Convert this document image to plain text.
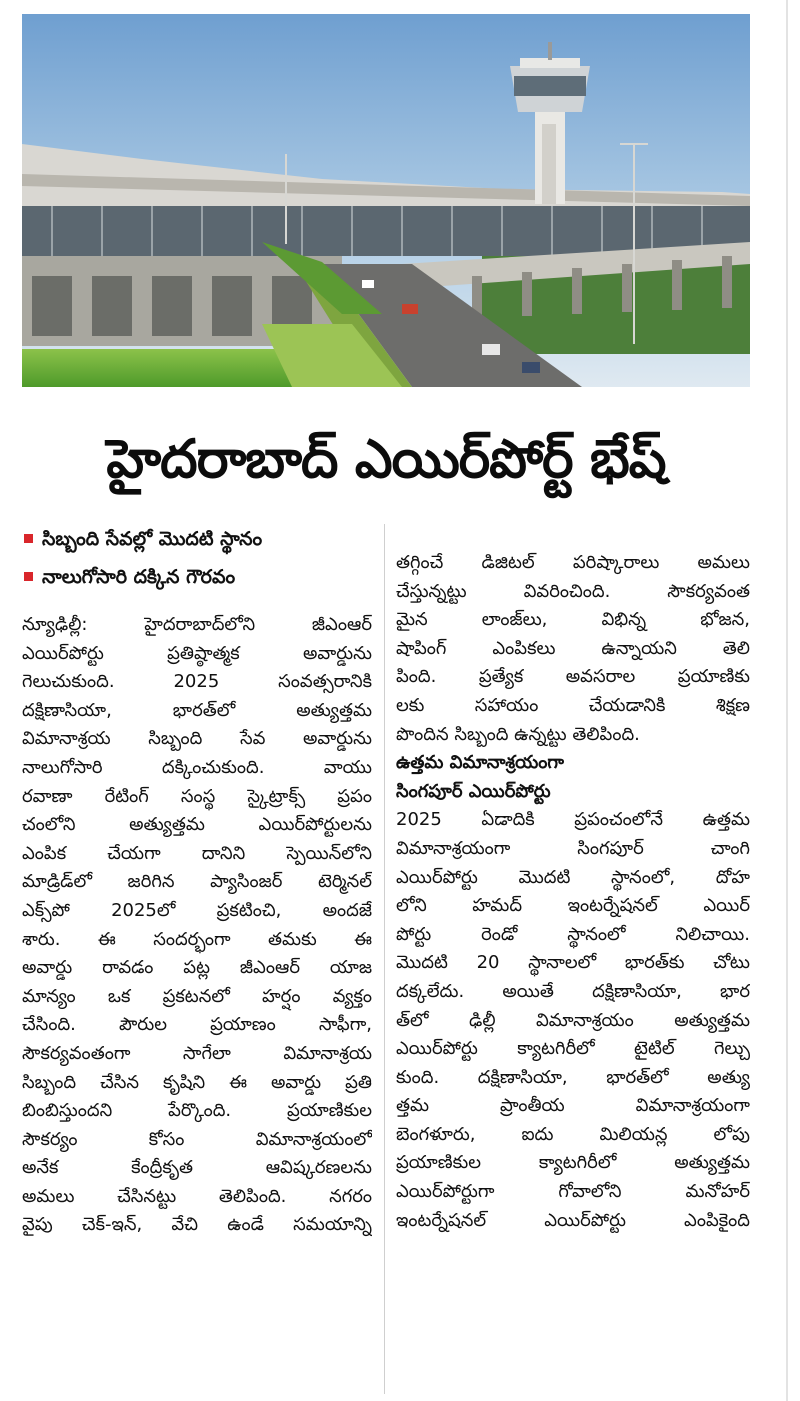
హైదరాబాద్ ఎయిర్‌పోర్ట్ భేష్
సిబ్బంది సేవల్లో మొదటి స్థానం
నాలుగోసారి దక్కిన గౌరవం
న్యూఢిల్లీ: హైదరాబాద్‌లోని జీఎంఆర్
ఎయిర్‌పోర్టు ప్రతిష్ఠాత్మక అవార్డును
గెలుచుకుంది. 2025 సంవత్సరానికి
దక్షిణాసియా, భారత్‌లో అత్యుత్తమ
విమానాశ్రయ సిబ్బంది సేవ అవార్డును
నాలుగోసారి దక్కించుకుంది. వాయు
రవాణా రేటింగ్ సంస్థ స్కైట్రాక్స్ ప్రపం
చంలోని అత్యుత్తమ ఎయిర్‌పోర్టులను
ఎంపిక చేయగా దానిని స్పెయిన్‌లోని
మాడ్రిడ్‌లో జరిగిన ప్యాసింజర్ టెర్మినల్
ఎక్స్‌పో 2025లో ప్రకటించి, అందజే
శారు. ఈ సందర్భంగా తమకు ఈ
అవార్డు రావడం పట్ల జీఎంఆర్ యాజ
మాన్యం ఒక ప్రకటనలో హర్షం వ్యక్తం
చేసింది. పౌరుల ప్రయాణం సాఫీగా,
సౌకర్యవంతంగా సాగేలా విమానాశ్రయ
సిబ్బంది చేసిన కృషిని ఈ అవార్డు ప్రతి
బింబిస్తుందని పేర్కొంది. ప్రయాణికుల
సౌకర్యం కోసం విమానాశ్రయంలో
అనేక కేంద్రీకృత ఆవిష్కరణలను
అమలు చేసినట్టు తెలిపింది. నగరం
వైపు చెక్-ఇన్, వేచి ఉండే సమయాన్ని
తగ్గించే డిజిటల్ పరిష్కారాలు అమలు
చేస్తున్నట్టు వివరించింది. సౌకర్యవంత
మైన లాంజ్‌లు, విభిన్న భోజన,
షాపింగ్ ఎంపికలు ఉన్నాయని తెలి
పింది. ప్రత్యేక అవసరాల ప్రయాణికు
లకు సహాయం చేయడానికి శిక్షణ
పొందిన సిబ్బంది ఉన్నట్టు తెలిపింది.
ఉత్తమ విమానాశ్రయంగా
సింగపూర్ ఎయిర్‌పోర్టు
2025 ఏడాదికి ప్రపంచంలోనే ఉత్తమ
విమానాశ్రయంగా సింగపూర్ చాంగి
ఎయిర్‌పోర్టు మొదటి స్థానంలో, దోహ
లోని హమద్ ఇంటర్నేషనల్ ఎయిర్
పోర్టు రెండో స్థానంలో నిలిచాయి.
మొదటి 20 స్థానాలలో భారత్‌కు చోటు
దక్కలేదు. అయితే దక్షిణాసియా, భార
త్‌లో ఢిల్లీ విమానాశ్రయం అత్యుత్తమ
ఎయిర్‌పోర్టు క్యాటగిరీలో టైటిల్ గెల్చు
కుంది. దక్షిణాసియా, భారత్‌లో అత్యు
త్తమ ప్రాంతీయ విమానాశ్రయంగా
బెంగళూరు, ఐదు మిలియన్ల లోపు
ప్రయాణికుల క్యాటగిరీలో అత్యుత్తమ
ఎయిర్‌పోర్టుగా గోవాలోని మనోహర్
ఇంటర్నేషనల్ ఎయిర్‌పోర్టు ఎంపికైంది
